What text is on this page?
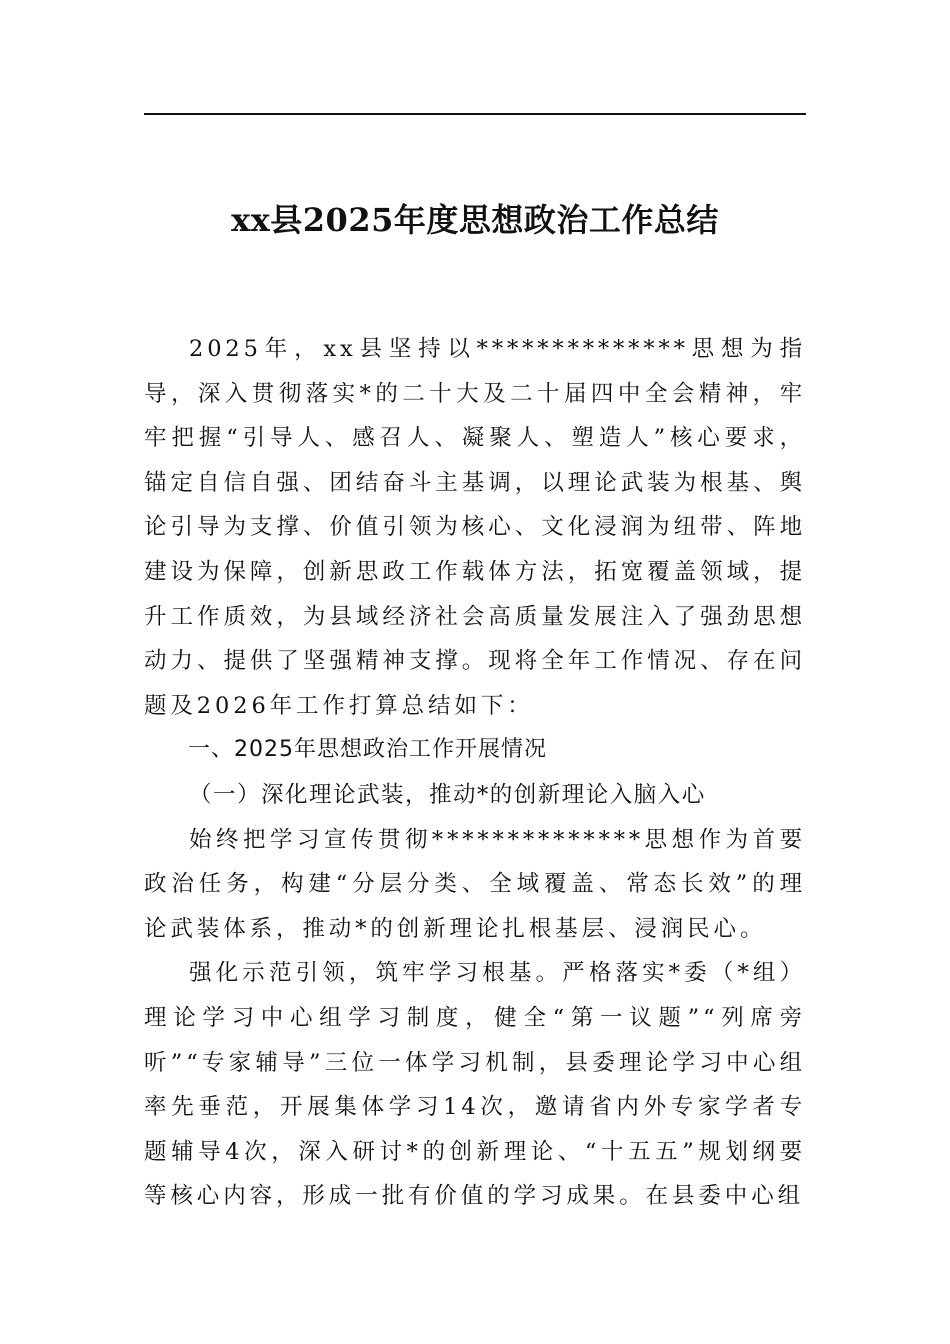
xx县2025年度思想政治工作总结

2025年，xx县坚持以**************思想为指导，深入贯彻落实*的二十大及二十届四中全会精神，牢牢把握“引导人、感召人、凝聚人、塑造人”核心要求，锚定自信自强、团结奋斗主基调，以理论武装为根基、舆论引导为支撑、价值引领为核心、文化浸润为纽带、阵地建设为保障，创新思政工作载体方法，拓宽覆盖领域，提升工作质效，为县域经济社会高质量发展注入了强劲思想动力、提供了坚强精神支撑。现将全年工作情况、存在问题及2026年工作打算总结如下：

一、2025年思想政治工作开展情况

（一）深化理论武装，推动*的创新理论入脑入心

始终把学习宣传贯彻**************思想作为首要政治任务，构建“分层分类、全域覆盖、常态长效”的理论武装体系，推动*的创新理论扎根基层、浸润民心。

强化示范引领，筑牢学习根基。严格落实*委（*组）理论学习中心组学习制度，健全“第一议题”“列席旁听”“专家辅导”三位一体学习机制，县委理论学习中心组率先垂范，开展集体学习14次，邀请省内外专家学者专题辅导4次，深入研讨*的创新理论、“十五五”规划纲要等核心内容，形成一批有价值的学习成果。在县委中心组
